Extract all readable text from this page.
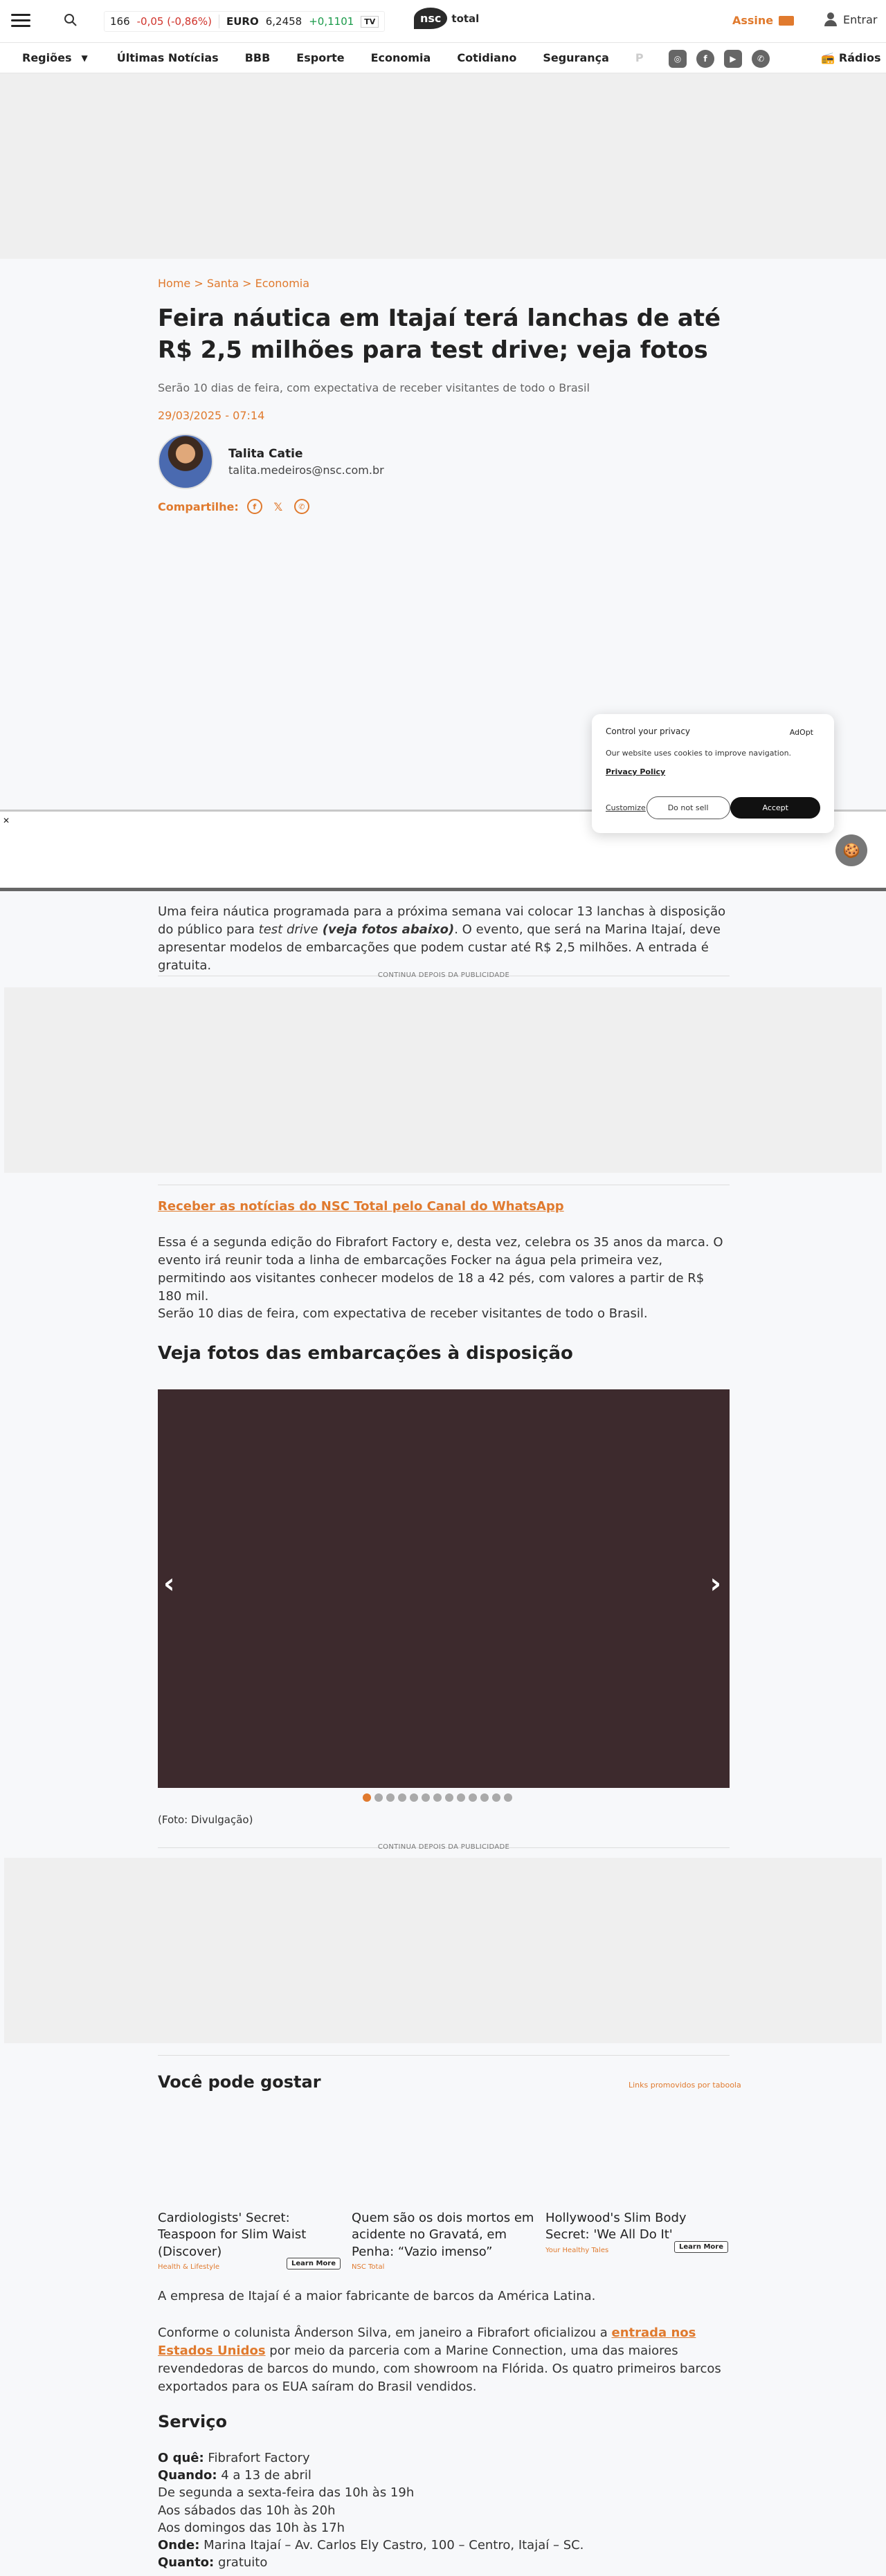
166 -0,05 (-0,86%) EURO 6,2458 +0,1101	TV	nsc	total	Assine	Entrar
Regiões ▼	Últimas Notícias BBB Esporte Economia Cotidiano Segurança P	◎	f	▶	✆	📻 Rádios
Home > Santa > Economia
Feira náutica em Itajaí terá lanchas de até R$ 2,5 milhões para test drive; veja fotos
Serão 10 dias de feira, com expectativa de receber visitantes de todo o Brasil
29/03/2025 - 07:14
Talita Catie
talita.medeiros@nsc.com.br
Compartilhe:	f	𝕏	✆
✕
Control your privacy	AdOpt
Our website uses cookies to improve navigation.
Privacy Policy
Customize	Do not sell	Accept
🍪

Uma feira náutica programada para a próxima semana vai colocar 13 lanchas à disposição do público para test drive (veja fotos abaixo). O evento, que será na Marina Itajaí, deve apresentar modelos de embarcações que podem custar até R$ 2,5 milhões. A entrada é gratuita.

CONTINUA DEPOIS DA PUBLICIDADE
Receber as notícias do NSC Total pelo Canal do WhatsApp

Essa é a segunda edição do Fibrafort Factory e, desta vez, celebra os 35 anos da marca. O evento irá reunir toda a linha de embarcações Focker na água pela primeira vez, permitindo aos visitantes conhecer modelos de 18 a 42 pés, com valores a partir de R$ 180 mil.

Serão 10 dias de feira, com expectativa de receber visitantes de todo o Brasil.

Veja fotos das embarcações à disposição
‹	›
(Foto: Divulgação)
CONTINUA DEPOIS DA PUBLICIDADE
Você pode gostar	Links promovidos por taboola
Cardiologists' Secret: Teaspoon for Slim Waist (Discover)
Health & Lifestyle	Learn More
Quem são os dois mortos em acidente no Gravatá, em Penha: “Vazio imenso”
NSC Total
Hollywood's Slim Body Secret: 'We All Do It'
Your Healthy Tales	Learn More

A empresa de Itajaí é a maior fabricante de barcos da América Latina.

Conforme o colunista Ânderson Silva, em janeiro a Fibrafort oficializou a entrada nos Estados Unidos por meio da parceria com a Marine Connection, uma das maiores revendedoras de barcos do mundo, com showroom na Flórida. Os quatro primeiros barcos exportados para os EUA saíram do Brasil vendidos.

Serviço
O quê: Fibrafort Factory
Quando: 4 a 13 de abril
De segunda a sexta-feira das 10h às 19h
Aos sábados das 10h às 20h
Aos domingos das 10h às 17h
Onde: Marina Itajaí – Av. Carlos Ely Castro, 100 – Centro, Itajaí – SC.
Quanto: gratuito
